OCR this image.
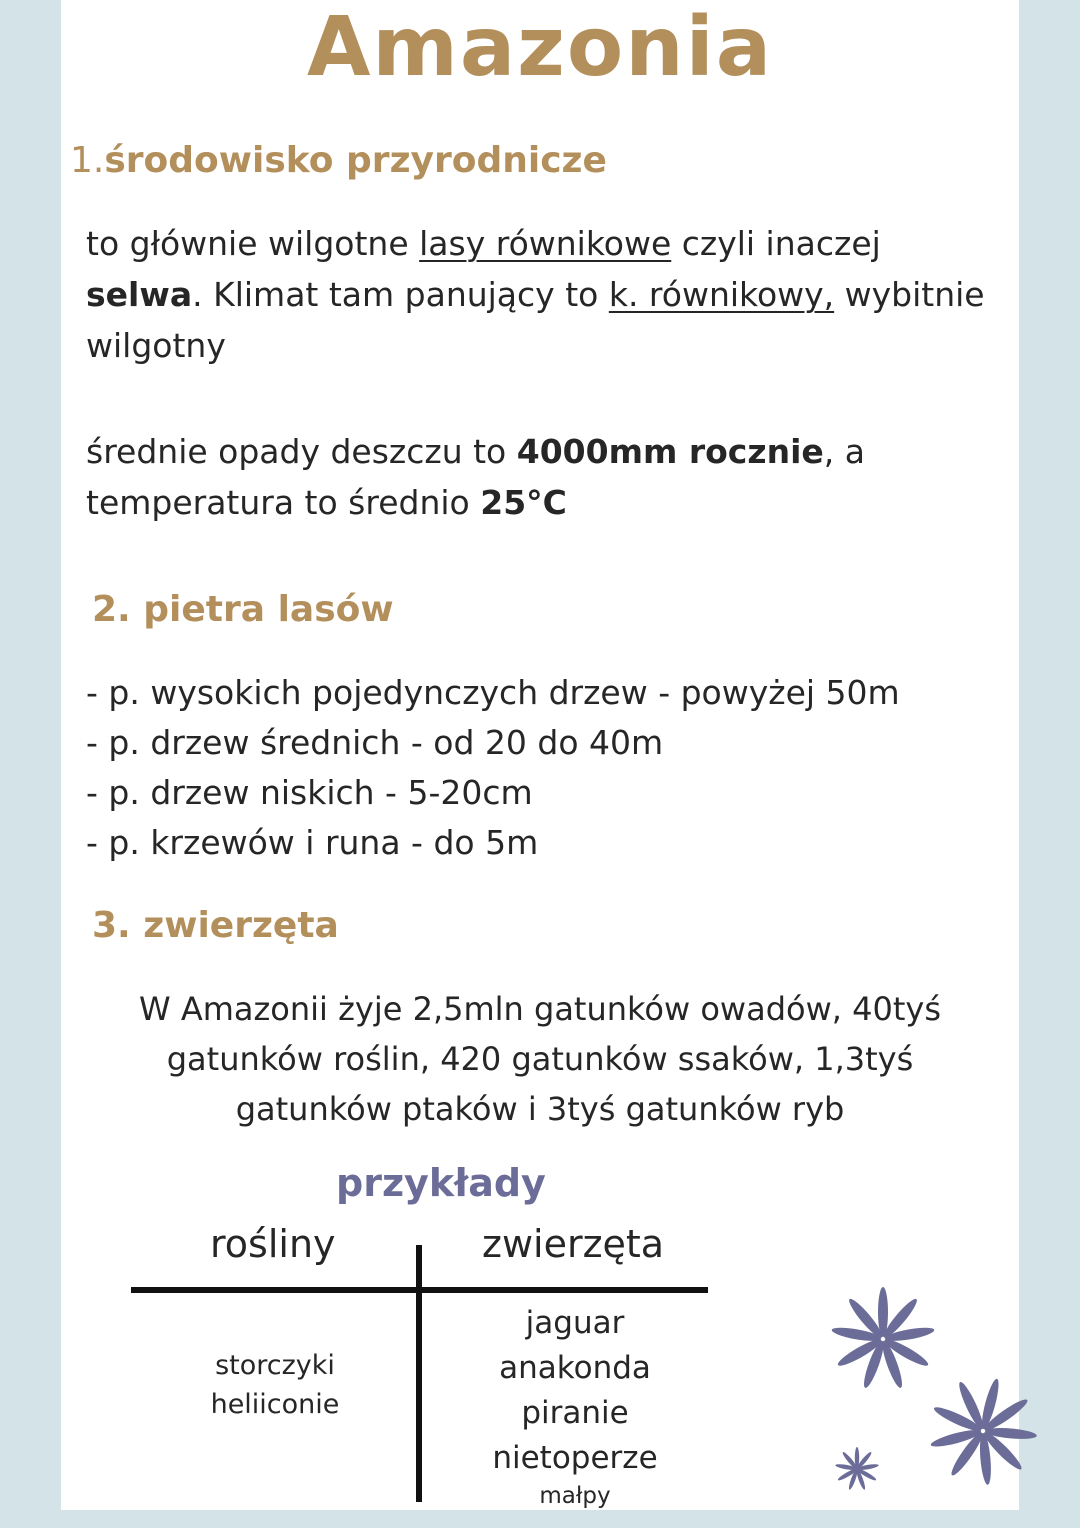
Amazonia
1.środowisko przyrodnicze
to głównie wilgotne lasy równikowe czyli inaczej
selwa. Klimat tam panujący to k. równikowy, wybitnie
wilgotny
średnie opady deszczu to 4000mm rocznie, a
temperatura to średnio 25°C
2. pietra lasów
- p. wysokich pojedynczych drzew - powyżej 50m
- p. drzew średnich - od 20 do 40m
- p. drzew niskich - 5-20cm
- p. krzewów i runa - do 5m
3. zwierzęta
W Amazonii żyje 2,5mln gatunków owadów, 40tyś
gatunków roślin, 420 gatunków ssaków, 1,3tyś
gatunków ptaków i 3tyś gatunków ryb
przykłady
rośliny	zwierzęta
storczyki
heliiconie
jaguar
anakonda
piranie
nietoperze
małpy
